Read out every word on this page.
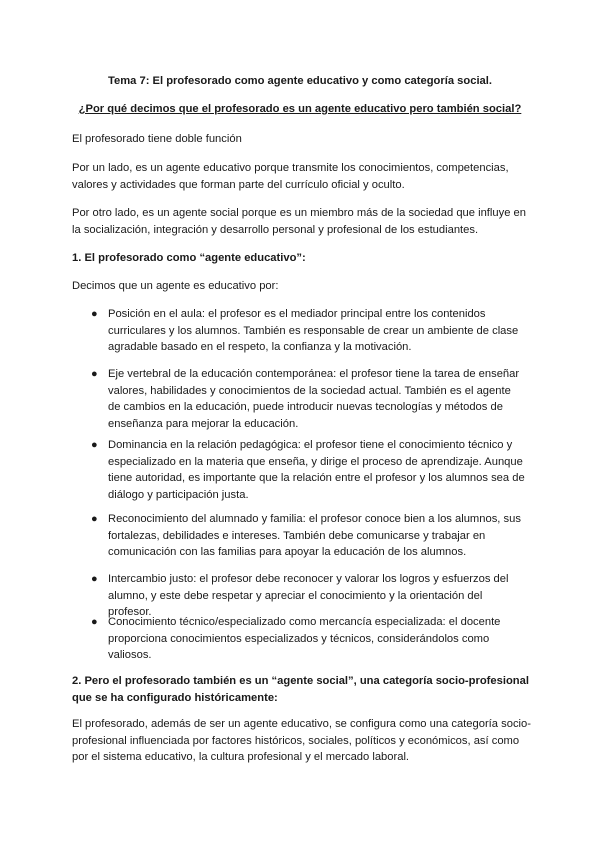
Tema 7: El profesorado como agente educativo y como categoría social.

¿Por qué decimos que el profesorado es un agente educativo pero también social?

El profesorado tiene doble función

Por un lado, es un agente educativo porque transmite los conocimientos, competencias, valores y actividades que forman parte del currículo oficial y oculto.

Por otro lado, es un agente social porque es un miembro más de la sociedad que influye en la socialización, integración y desarrollo personal y profesional de los estudiantes.

1. El profesorado como “agente educativo”:

Decimos que un agente es educativo por:

● Posición en el aula: el profesor es el mediador principal entre los contenidos curriculares y los alumnos. También es responsable de crear un ambiente de clase agradable basado en el respeto, la confianza y la motivación.
● Eje vertebral de la educación contemporánea: el profesor tiene la tarea de enseñar valores, habilidades y conocimientos de la sociedad actual. También es el agente de cambios en la educación, puede introducir nuevas tecnologías y métodos de enseñanza para mejorar la educación.
● Dominancia en la relación pedagógica: el profesor tiene el conocimiento técnico y especializado en la materia que enseña, y dirige el proceso de aprendizaje. Aunque tiene autoridad, es importante que la relación entre el profesor y los alumnos sea de diálogo y participación justa.
● Reconocimiento del alumnado y familia: el profesor conoce bien a los alumnos, sus fortalezas, debilidades e intereses. También debe comunicarse y trabajar en comunicación con las familias para apoyar la educación de los alumnos.
● Intercambio justo: el profesor debe reconocer y valorar los logros y esfuerzos del alumno, y este debe respetar y apreciar el conocimiento y la orientación del profesor.
● Conocimiento técnico/especializado como mercancía especializada: el docente proporciona conocimientos especializados y técnicos, considerándolos como valiosos.

2. Pero el profesorado también es un “agente social”, una categoría socio-profesional que se ha configurado históricamente:

El profesorado, además de ser un agente educativo, se configura como una categoría socio-profesional influenciada por factores históricos, sociales, políticos y económicos, así como por el sistema educativo, la cultura profesional y el mercado laboral.
